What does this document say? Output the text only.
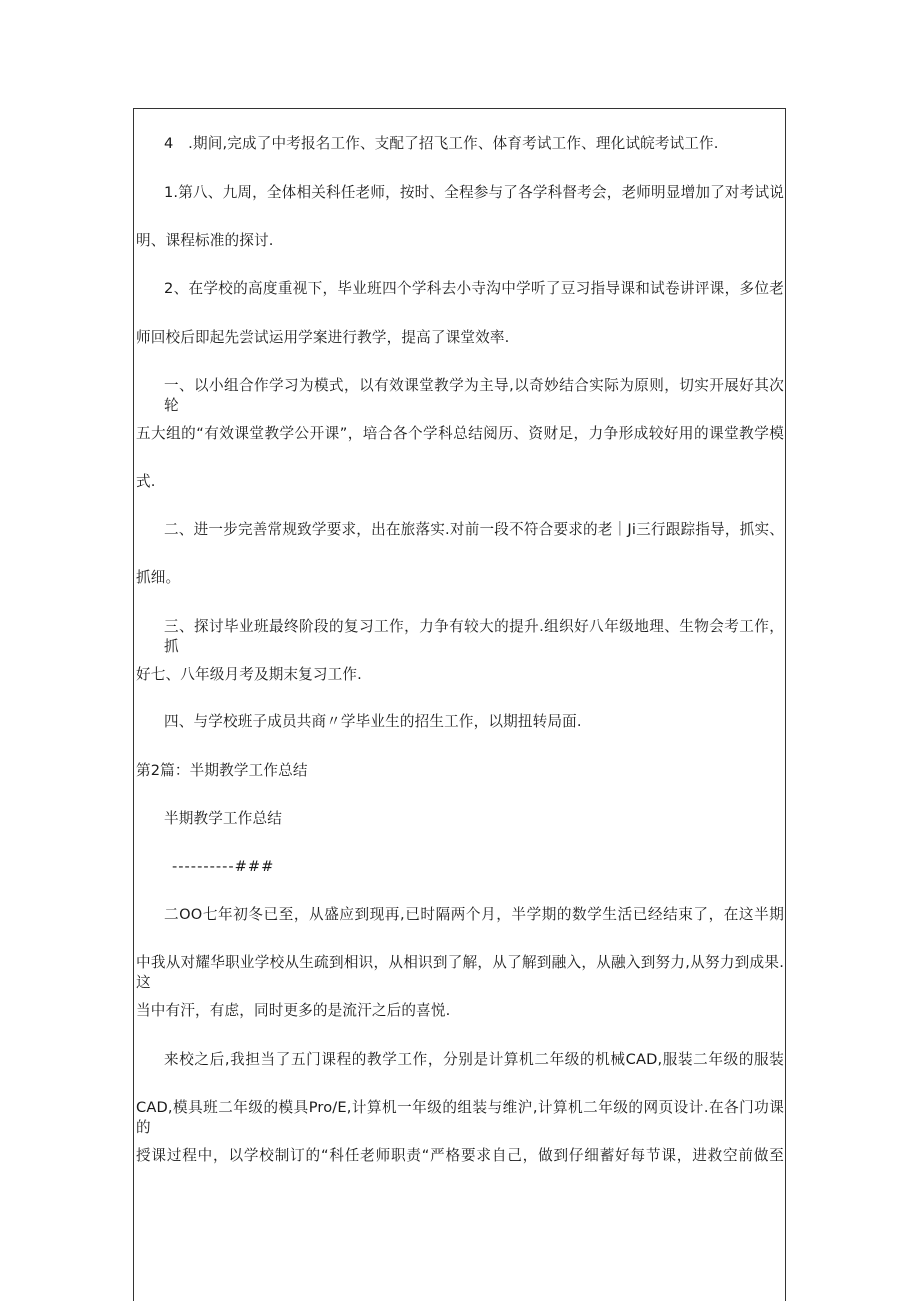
4　.期间,完成了中考报名工作、支配了招飞工作、体育考试工作、理化试皖考试工作.
1.第八、九周，全体相关科任老师，按时、全程参与了各学科督考会，老师明显增加了对考试说
明、课程标准的探讨.
2、在学校的高度重视下，毕业班四个学科去小寺沟中学听了豆习指导课和试卷讲评课，多位老
师回校后即起先尝试运用学案进行教学，提高了课堂效率.
一、以小组合作学习为模式，以有效课堂教学为主导,以奇妙结合实际为原则，切实开展好其次轮
五大组的“有效课堂教学公开课”，培合各个学科总结阅历、资财足，力争形成较好用的课堂教学模
式.
二、进一步完善常规致学要求，出在旅落实.对前一段不符合要求的老｜Ji三行跟踪指导，抓实、
抓细。
三、探讨毕业班最终阶段的复习工作，力争有较大的提升.组织好八年级地理、生物会考工作，抓
好七、八年级月考及期末复习工作.
四、与学校班子成员共商〃学毕业生的招生工作，以期扭转局面.
第2篇：半期教学工作总结
半期教学工作总结
----------###
二OO七年初冬已至，从盛应到现再,已时隔两个月，半学期的数学生活已经结束了，在这半期
中我从对耀华职业学校从生疏到相识，从相识到了解，从了解到融入，从融入到努力,从努力到成果.这
当中有汗，有虑，同时更多的是流汗之后的喜悦.
来校之后,我担当了五门课程的教学工作，分别是计算机二年级的机械CAD,服装二年级的服装
CAD,模具班二年级的模具Pro/E,计算机一年级的组装与维沪,计算机二年级的网页设计.在各门功课的
授课过程中，以学校制订的“科任老师职责“严格要求自己，做到仔细蓄好每节课，进救空前做至
